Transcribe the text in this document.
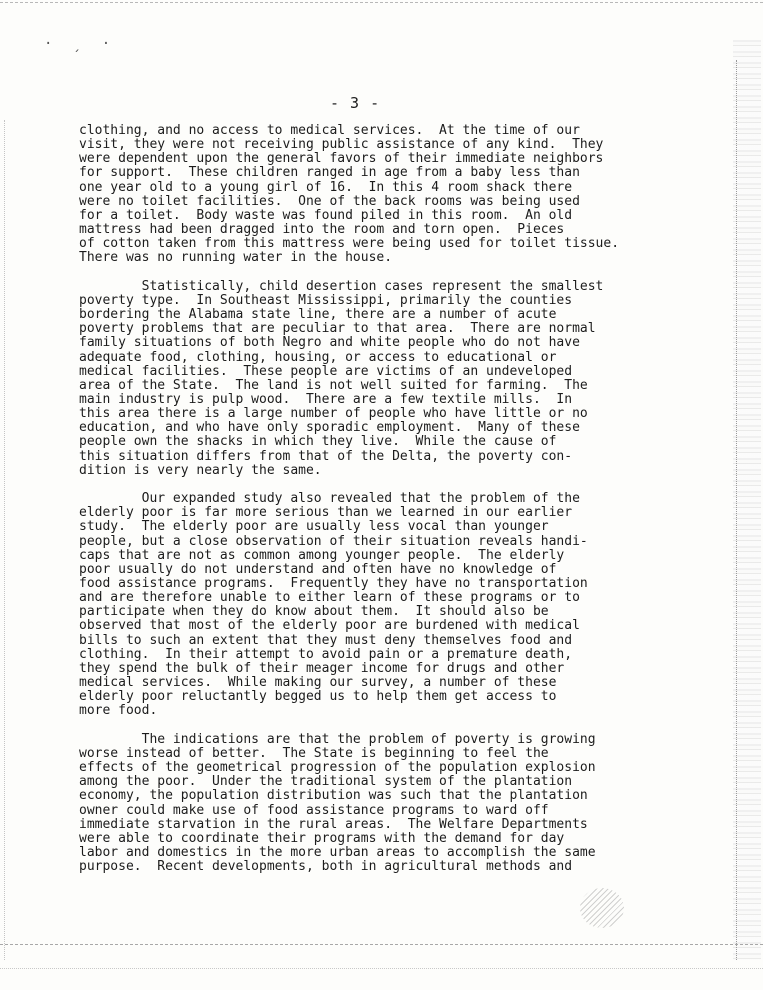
· ˏ ·
- 3 -
clothing, and no access to medical services.  At the time of our
visit, they were not receiving public assistance of any kind.  They
were dependent upon the general favors of their immediate neighbors
for support.  These children ranged in age from a baby less than
one year old to a young girl of 16.  In this 4 room shack there
were no toilet facilities.  One of the back rooms was being used
for a toilet.  Body waste was found piled in this room.  An old
mattress had been dragged into the room and torn open.  Pieces
of cotton taken from this mattress were being used for toilet tissue.
There was no running water in the house.
Statistically, child desertion cases represent the smallest
poverty type.  In Southeast Mississippi, primarily the counties
bordering the Alabama state line, there are a number of acute
poverty problems that are peculiar to that area.  There are normal
family situations of both Negro and white people who do not have
adequate food, clothing, housing, or access to educational or
medical facilities.  These people are victims of an undeveloped
area of the State.  The land is not well suited for farming.  The
main industry is pulp wood.  There are a few textile mills.  In
this area there is a large number of people who have little or no
education, and who have only sporadic employment.  Many of these
people own the shacks in which they live.  While the cause of
this situation differs from that of the Delta, the poverty con-
dition is very nearly the same.
Our expanded study also revealed that the problem of the
elderly poor is far more serious than we learned in our earlier
study.  The elderly poor are usually less vocal than younger
people, but a close observation of their situation reveals handi-
caps that are not as common among younger people.  The elderly
poor usually do not understand and often have no knowledge of
food assistance programs.  Frequently they have no transportation
and are therefore unable to either learn of these programs or to
participate when they do know about them.  It should also be
observed that most of the elderly poor are burdened with medical
bills to such an extent that they must deny themselves food and
clothing.  In their attempt to avoid pain or a premature death,
they spend the bulk of their meager income for drugs and other
medical services.  While making our survey, a number of these
elderly poor reluctantly begged us to help them get access to
more food.
The indications are that the problem of poverty is growing
worse instead of better.  The State is beginning to feel the
effects of the geometrical progression of the population explosion
among the poor.  Under the traditional system of the plantation
economy, the population distribution was such that the plantation
owner could make use of food assistance programs to ward off
immediate starvation in the rural areas.  The Welfare Departments
were able to coordinate their programs with the demand for day
labor and domestics in the more urban areas to accomplish the same
purpose.  Recent developments, both in agricultural methods and
